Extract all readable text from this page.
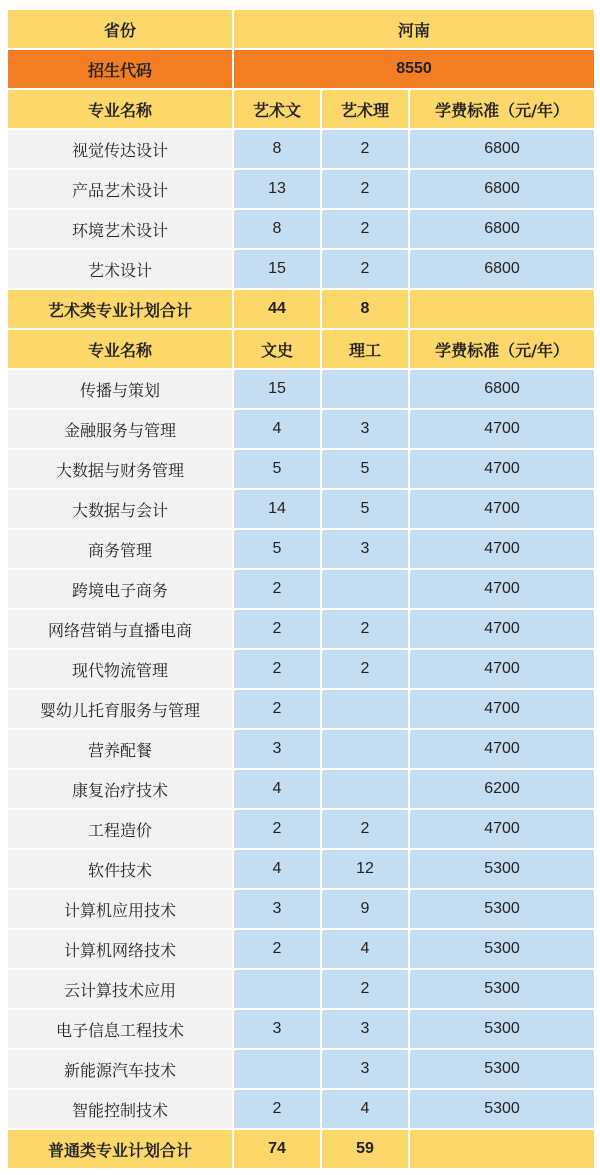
省份	河南		
招生代码	8550		
专业名称	艺术文	艺术理	学费标准（元/年）
视觉传达设计	8	2	6800
产品艺术设计	13	2	6800
环境艺术设计	8	2	6800
艺术设计	15	2	6800
艺术类专业计划合计	44	8	
专业名称	文史	理工	学费标准（元/年）
传播与策划	15		6800
金融服务与管理	4	3	4700
大数据与财务管理	5	5	4700
大数据与会计	14	5	4700
商务管理	5	3	4700
跨境电子商务	2		4700
网络营销与直播电商	2	2	4700
现代物流管理	2	2	4700
婴幼儿托育服务与管理	2		4700
营养配餐	3		4700
康复治疗技术	4		6200
工程造价	2	2	4700
软件技术	4	12	5300
计算机应用技术	3	9	5300
计算机网络技术	2	4	5300
云计算技术应用		2	5300
电子信息工程技术	3	3	5300
新能源汽车技术		3	5300
智能控制技术	2	4	5300
普通类专业计划合计	74	59	
